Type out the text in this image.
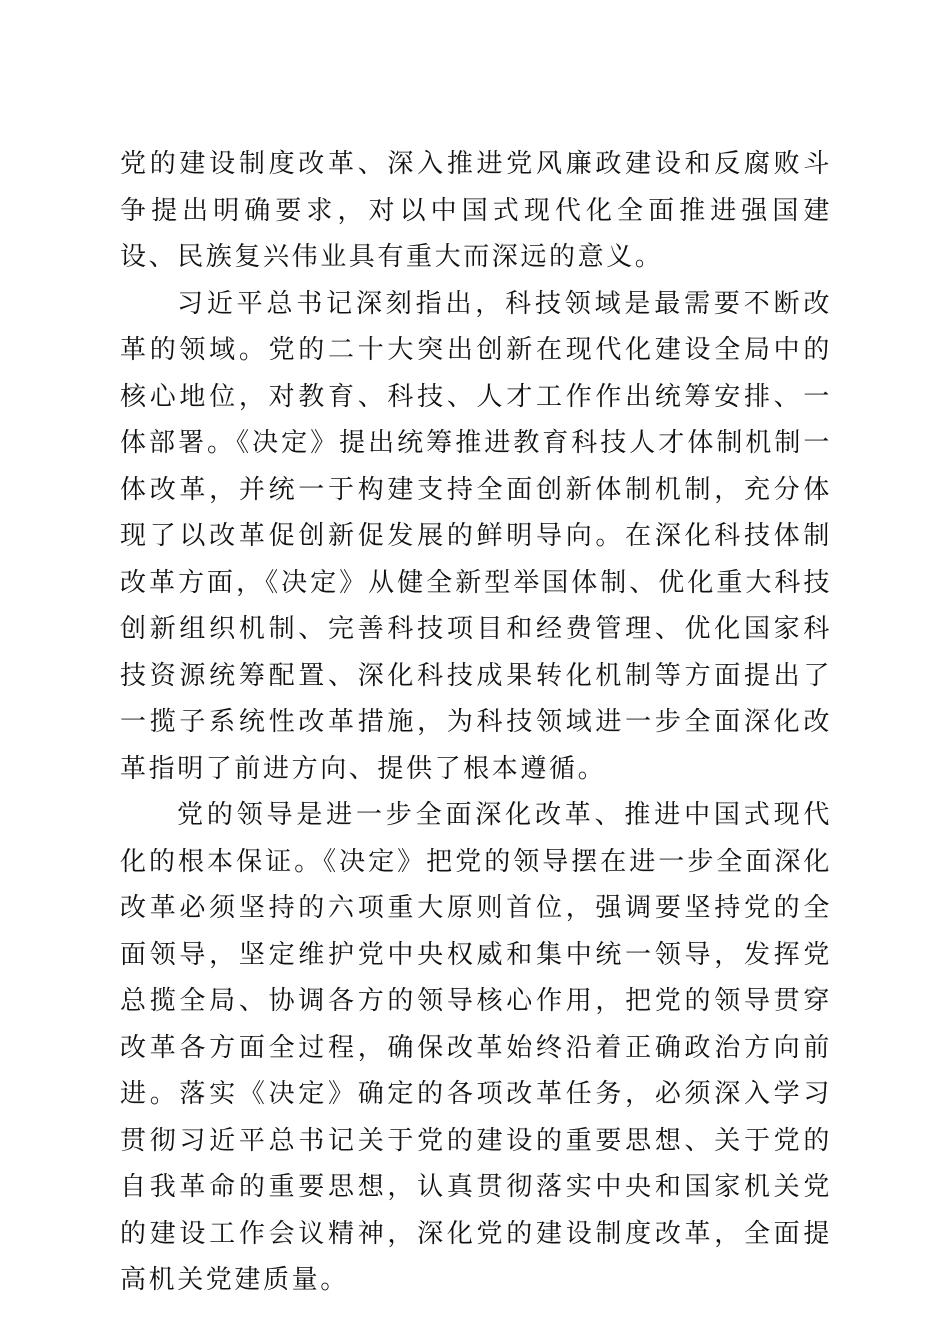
党的建设制度改革、深入推进党风廉政建设和反腐败斗争提出明确要求，对以中国式现代化全面推进强国建设、民族复兴伟业具有重大而深远的意义。

习近平总书记深刻指出，科技领域是最需要不断改革的领域。党的二十大突出创新在现代化建设全局中的核心地位，对教育、科技、人才工作作出统筹安排、一体部署。《决定》提出统筹推进教育科技人才体制机制一体改革，并统一于构建支持全面创新体制机制，充分体现了以改革促创新促发展的鲜明导向。在深化科技体制改革方面，《决定》从健全新型举国体制、优化重大科技创新组织机制、完善科技项目和经费管理、优化国家科技资源统筹配置、深化科技成果转化机制等方面提出了一揽子系统性改革措施，为科技领域进一步全面深化改革指明了前进方向、提供了根本遵循。

党的领导是进一步全面深化改革、推进中国式现代化的根本保证。《决定》把党的领导摆在进一步全面深化改革必须坚持的六项重大原则首位，强调要坚持党的全面领导，坚定维护党中央权威和集中统一领导，发挥党总揽全局、协调各方的领导核心作用，把党的领导贯穿改革各方面全过程，确保改革始终沿着正确政治方向前进。落实《决定》确定的各项改革任务，必须深入学习贯彻习近平总书记关于党的建设的重要思想、关于党的自我革命的重要思想，认真贯彻落实中央和国家机关党的建设工作会议精神，深化党的建设制度改革，全面提高机关党建质量。
